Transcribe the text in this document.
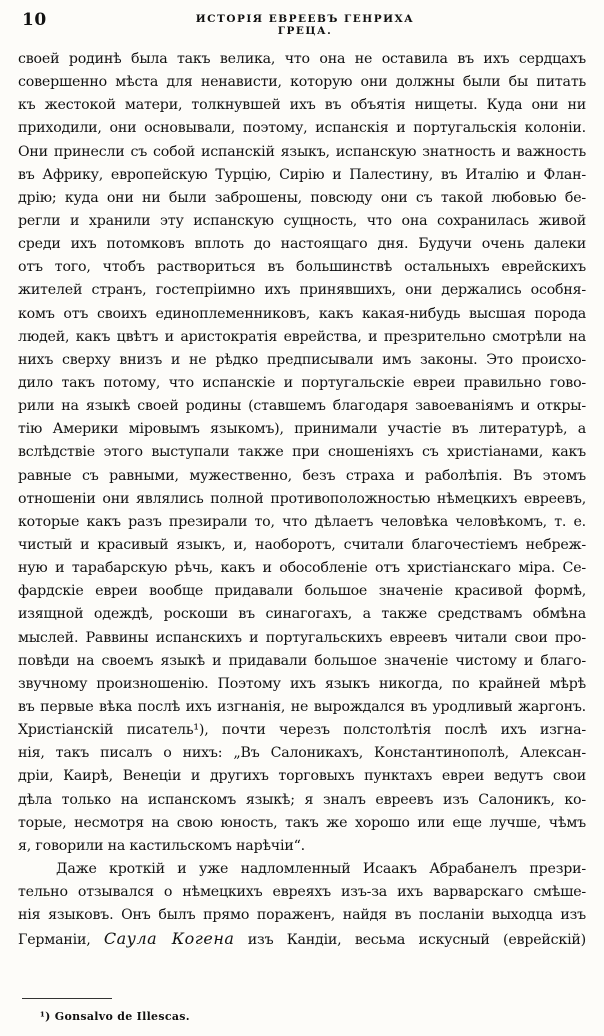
10	ИСТОРІЯ ЕВРЕЕВЪ ГЕНРИХА ГРЕЦА.
своей родинѣ была такъ велика, что она не оставила въ ихъ сердцахъ
совершенно мѣста для ненависти, которую они должны были бы питать
къ жестокой матери, толкнувшей ихъ въ объятія нищеты. Куда они ни
приходили, они основывали, поэтому, испанскія и португальскія колоніи.
Они принесли съ собой испанскій языкъ, испанскую знатность и важность
въ Африку, европейскую Турцію, Сирію и Палестину, въ Италію и Флан-
дрію; куда они ни были заброшены, повсюду они съ такой любовью бе-
регли и хранили эту испанскую сущность, что она сохранилась живой
среди ихъ потомковъ вплоть до настоящаго дня. Будучи очень далеки
отъ того, чтобъ раствориться въ большинствѣ остальныхъ еврейскихъ
жителей странъ, гостепріимно ихъ принявшихъ, они держались особня-
комъ отъ своихъ единоплеменниковъ, какъ какая-нибудь высшая порода
людей, какъ цвѣтъ и аристократія еврейства, и презрительно смотрѣли на
нихъ сверху внизъ и не рѣдко предписывали имъ законы. Это происхо-
дило такъ потому, что испанскіе и португальскіе евреи правильно гово-
рили на языкѣ своей родины (ставшемъ благодаря завоеваніямъ и откры-
тію Америки міровымъ языкомъ), принимали участіе въ литературѣ, а
вслѣдствіе этого выступали также при сношеніяхъ съ христіанами, какъ
равные съ равными, мужественно, безъ страха и раболѣпія. Въ этомъ
отношеніи они являлись полной противоположностью нѣмецкихъ евреевъ,
которые какъ разъ презирали то, что дѣлаетъ человѣка человѣкомъ, т. е.
чистый и красивый языкъ, и, наоборотъ, считали благочестіемъ небреж-
ную и тарабарскую рѣчь, какъ и обособленіе отъ христіанскаго міра. Се-
фардскіе евреи вообще придавали большое значеніе красивой формѣ,
изящной одеждѣ, роскоши въ синагогахъ, а также средствамъ обмѣна
мыслей. Раввины испанскихъ и португальскихъ евреевъ читали свои про-
повѣди на своемъ языкѣ и придавали большое значеніе чистому и благо-
звучному произношенію. Поэтому ихъ языкъ никогда, по крайней мѣрѣ
въ первые вѣка послѣ ихъ изгнанія, не вырождался въ уродливый жаргонъ.
Христіанскій писатель¹), почти черезъ полстолѣтія послѣ ихъ изгна-
нія, такъ писалъ о нихъ: „Въ Салоникахъ, Константинополѣ, Алексан-
дріи, Каирѣ, Венеціи и другихъ торговыхъ пунктахъ евреи ведутъ свои
дѣла только на испанскомъ языкѣ; я зналъ евреевъ изъ Салоникъ, ко-
торые, несмотря на свою юность, такъ же хорошо или еще лучше, чѣмъ
я, говорили на кастильскомъ нарѣчіи“.
Даже кроткій и уже надломленный Исаакъ Абрабанелъ презри-
тельно отзывался о нѣмецкихъ евреяхъ изъ-за ихъ варварскаго смѣше-
нія языковъ. Онъ былъ прямо пораженъ, найдя въ посланіи выходца изъ
Германіи, Саула Когена изъ Кандіи, весьма искусный (еврейскій)
¹) Gonsalvo de Illescas.
